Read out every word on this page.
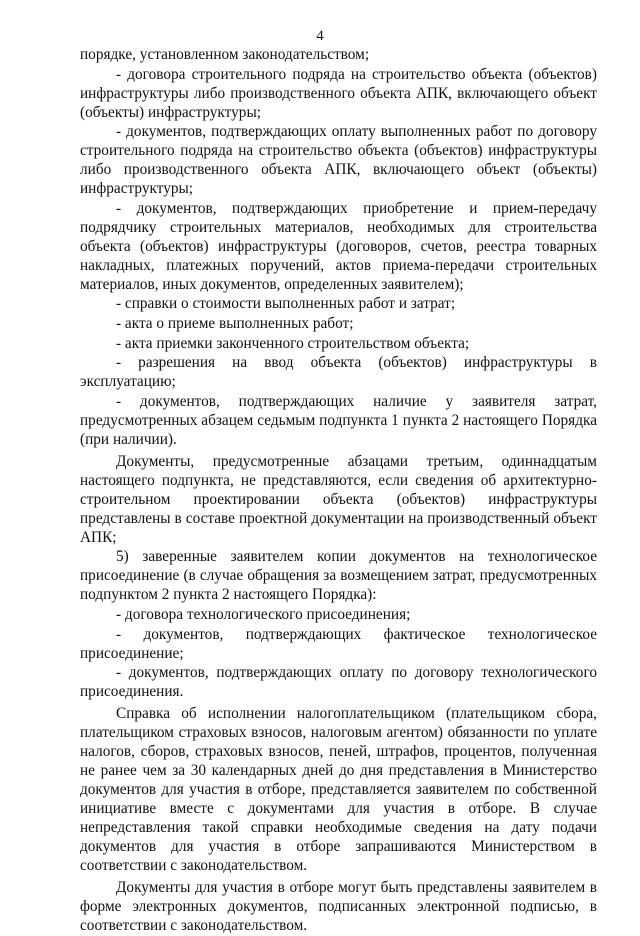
4

порядке, установленном законодательством;

- договора строительного подряда на строительство объекта (объектов) инфраструктуры либо производственного объекта АПК, включающего объект (объекты) инфраструктуры;

- документов, подтверждающих оплату выполненных работ по договору строительного подряда на строительство объекта (объектов) инфраструктуры либо производственного объекта АПК, включающего объект (объекты) инфраструктуры;

- документов, подтверждающих приобретение и прием-передачу подрядчику строительных материалов, необходимых для строительства объекта (объектов) инфраструктуры (договоров, счетов, реестра товарных накладных, платежных поручений, актов приема-передачи строительных материалов, иных документов, определенных заявителем);

- справки о стоимости выполненных работ и затрат;

- акта о приеме выполненных работ;

- акта приемки законченного строительством объекта;

- разрешения на ввод объекта (объектов) инфраструктуры в эксплуатацию;

- документов, подтверждающих наличие у заявителя затрат, предусмотренных абзацем седьмым подпункта 1 пункта 2 настоящего Порядка (при наличии).

Документы, предусмотренные абзацами третьим, одиннадцатым настоящего подпункта, не представляются, если сведения об архитектурно-строительном проектировании объекта (объектов) инфраструктуры представлены в составе проектной документации на производственный объект АПК;

5) заверенные заявителем копии документов на технологическое присоединение (в случае обращения за возмещением затрат, предусмотренных подпунктом 2 пункта 2 настоящего Порядка):

- договора технологического присоединения;

- документов, подтверждающих фактическое технологическое присоединение;

- документов, подтверждающих оплату по договору технологического присоединения.

Справка об исполнении налогоплательщиком (плательщиком сбора, плательщиком страховых взносов, налоговым агентом) обязанности по уплате налогов, сборов, страховых взносов, пеней, штрафов, процентов, полученная не ранее чем за 30 календарных дней до дня представления в Министерство документов для участия в отборе, представляется заявителем по собственной инициативе вместе с документами для участия в отборе. В случае непредставления такой справки необходимые сведения на дату подачи документов для участия в отборе запрашиваются Министерством в соответствии с законодательством.

Документы для участия в отборе могут быть представлены заявителем в форме электронных документов, подписанных электронной подписью, в соответствии с законодательством.
